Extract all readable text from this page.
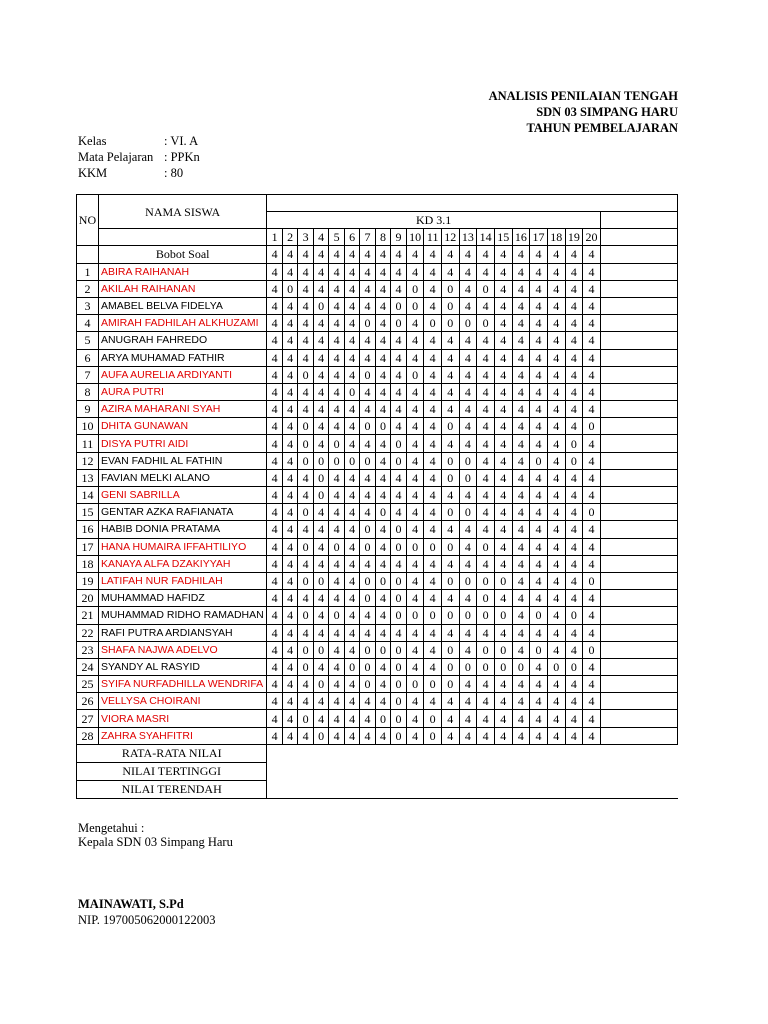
ANALISIS PENILAIAN TENGAH
SDN 03 SIMPANG HARU
TAHUN PEMBELAJARAN
Kelas	: VI. A
Mata Pelajaran : PPKn
KKM	: 80
NO	NAMA SISWA																					
		KD 3.1																				
		1	2	3	4	5	6	7	8	9	10	11	12	13	14	15	16	17	18	19	20	
	Bobot Soal	4	4	4	4	4	4	4	4	4	4	4	4	4	4	4	4	4	4	4	4	
1	ABIRA RAIHANAH	4	4	4	4	4	4	4	4	4	4	4	4	4	4	4	4	4	4	4	4	
2	AKILAH RAIHANAN	4	0	4	4	4	4	4	4	4	0	4	0	4	0	4	4	4	4	4	4	
3	AMABEL BELVA FIDELYA	4	4	4	0	4	4	4	4	0	0	4	0	4	4	4	4	4	4	4	4	
4	AMIRAH FADHILAH ALKHUZAMI	4	4	4	4	4	4	0	4	0	4	0	0	0	0	4	4	4	4	4	4	
5	ANUGRAH FAHREDO	4	4	4	4	4	4	4	4	4	4	4	4	4	4	4	4	4	4	4	4	
6	ARYA MUHAMAD FATHIR	4	4	4	4	4	4	4	4	4	4	4	4	4	4	4	4	4	4	4	4	
7	AUFA AURELIA ARDIYANTI	4	4	0	4	4	4	0	4	4	0	4	4	4	4	4	4	4	4	4	4	
8	AURA PUTRI	4	4	4	4	4	0	4	4	4	4	4	4	4	4	4	4	4	4	4	4	
9	AZIRA MAHARANI SYAH	4	4	4	4	4	4	4	4	4	4	4	4	4	4	4	4	4	4	4	4	
10	DHITA GUNAWAN	4	4	0	4	4	4	0	0	4	4	4	0	4	4	4	4	4	4	4	0	
11	DISYA PUTRI AIDI	4	4	0	4	0	4	4	4	0	4	4	4	4	4	4	4	4	4	0	4	
12	EVAN FADHIL AL FATHIN	4	4	0	0	0	0	0	4	0	4	4	0	0	4	4	4	0	4	0	4	
13	FAVIAN MELKI ALANO	4	4	4	0	4	4	4	4	4	4	4	0	0	4	4	4	4	4	4	4	
14	GENI SABRILLA	4	4	4	0	4	4	4	4	4	4	4	4	4	4	4	4	4	4	4	4	
15	GENTAR AZKA RAFIANATA	4	4	0	4	4	4	4	0	4	4	4	0	0	4	4	4	4	4	4	0	
16	HABIB DONIA PRATAMA	4	4	4	4	4	4	0	4	0	4	4	4	4	4	4	4	4	4	4	4	
17	HANA HUMAIRA IFFAHTILIYO	4	4	0	4	0	4	0	4	0	0	0	0	4	0	4	4	4	4	4	4	
18	KANAYA ALFA DZAKIYYAH	4	4	4	4	4	4	4	4	4	4	4	4	4	4	4	4	4	4	4	4	
19	LATIFAH NUR FADHILAH	4	4	0	0	4	4	0	0	0	4	4	0	0	0	0	4	4	4	4	0	
20	MUHAMMAD HAFIDZ	4	4	4	4	4	4	0	4	0	4	4	4	4	0	4	4	4	4	4	4	
21	MUHAMMAD RIDHO RAMADHAN	4	4	0	4	0	4	4	4	0	0	0	0	0	0	0	4	0	4	0	4	
22	RAFI PUTRA ARDIANSYAH	4	4	4	4	4	4	4	4	4	4	4	4	4	4	4	4	4	4	4	4	
23	SHAFA NAJWA ADELVO	4	4	0	0	4	4	0	0	0	4	4	0	4	0	0	4	0	4	4	0	
24	SYANDY AL RASYID	4	4	0	4	4	0	0	4	0	4	4	0	0	0	0	0	4	0	0	4	
25	SYIFA NURFADHILLA WENDRIFA	4	4	4	0	4	4	0	4	0	0	0	0	4	4	4	4	4	4	4	4	
26	VELLYSA CHOIRANI	4	4	4	4	4	4	4	4	0	4	4	4	4	4	4	4	4	4	4	4	
27	VIORA MASRI	4	4	0	4	4	4	4	0	0	4	0	4	4	4	4	4	4	4	4	4	
28	ZAHRA SYAHFITRI	4	4	4	0	4	4	4	4	0	4	0	4	4	4	4	4	4	4	4	4	
RATA-RATA NILAI																						
NILAI TERTINGGI																						
NILAI TERENDAH																						
Mengetahui :
Kepala SDN 03 Simpang Haru
MAINAWATI, S.Pd
NIP. 197005062000122003
